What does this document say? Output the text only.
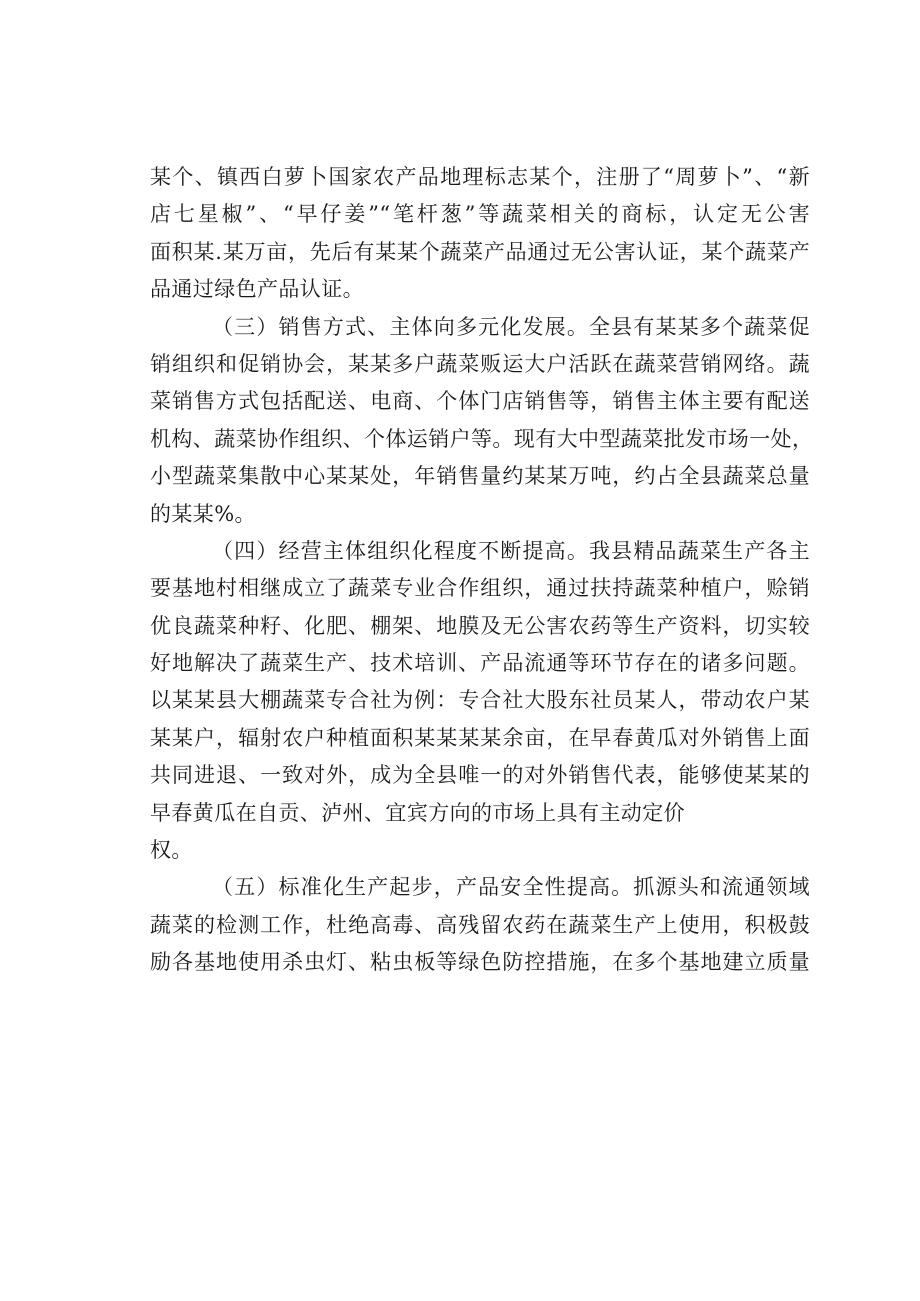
某个、镇西白萝卜国家农产品地理标志某个，注册了“周萝卜”、“新
店七星椒”、“早仔姜”“笔杆葱”等蔬菜相关的商标，认定无公害
面积某.某万亩，先后有某某个蔬菜产品通过无公害认证，某个蔬菜产
品通过绿色产品认证。
（三）销售方式、主体向多元化发展。全县有某某多个蔬菜促
销组织和促销协会，某某多户蔬菜贩运大户活跃在蔬菜营销网络。蔬
菜销售方式包括配送、电商、个体门店销售等，销售主体主要有配送
机构、蔬菜协作组织、个体运销户等。现有大中型蔬菜批发市场一处，
小型蔬菜集散中心某某处，年销售量约某某万吨，约占全县蔬菜总量
的某某%。
（四）经营主体组织化程度不断提高。我县精品蔬菜生产各主
要基地村相继成立了蔬菜专业合作组织，通过扶持蔬菜种植户，赊销
优良蔬菜种籽、化肥、棚架、地膜及无公害农药等生产资料，切实较
好地解决了蔬菜生产、技术培训、产品流通等环节存在的诸多问题。
以某某县大棚蔬菜专合社为例：专合社大股东社员某人，带动农户某
某某户，辐射农户种植面积某某某某余亩，在早春黄瓜对外销售上面
共同进退、一致对外，成为全县唯一的对外销售代表，能够使某某的
早春黄瓜在自贡、泸州、宜宾方向的市场上具有主动定价
权。
（五）标准化生产起步，产品安全性提高。抓源头和流通领域
蔬菜的检测工作，杜绝高毒、高残留农药在蔬菜生产上使用，积极鼓
励各基地使用杀虫灯、粘虫板等绿色防控措施，在多个基地建立质量
